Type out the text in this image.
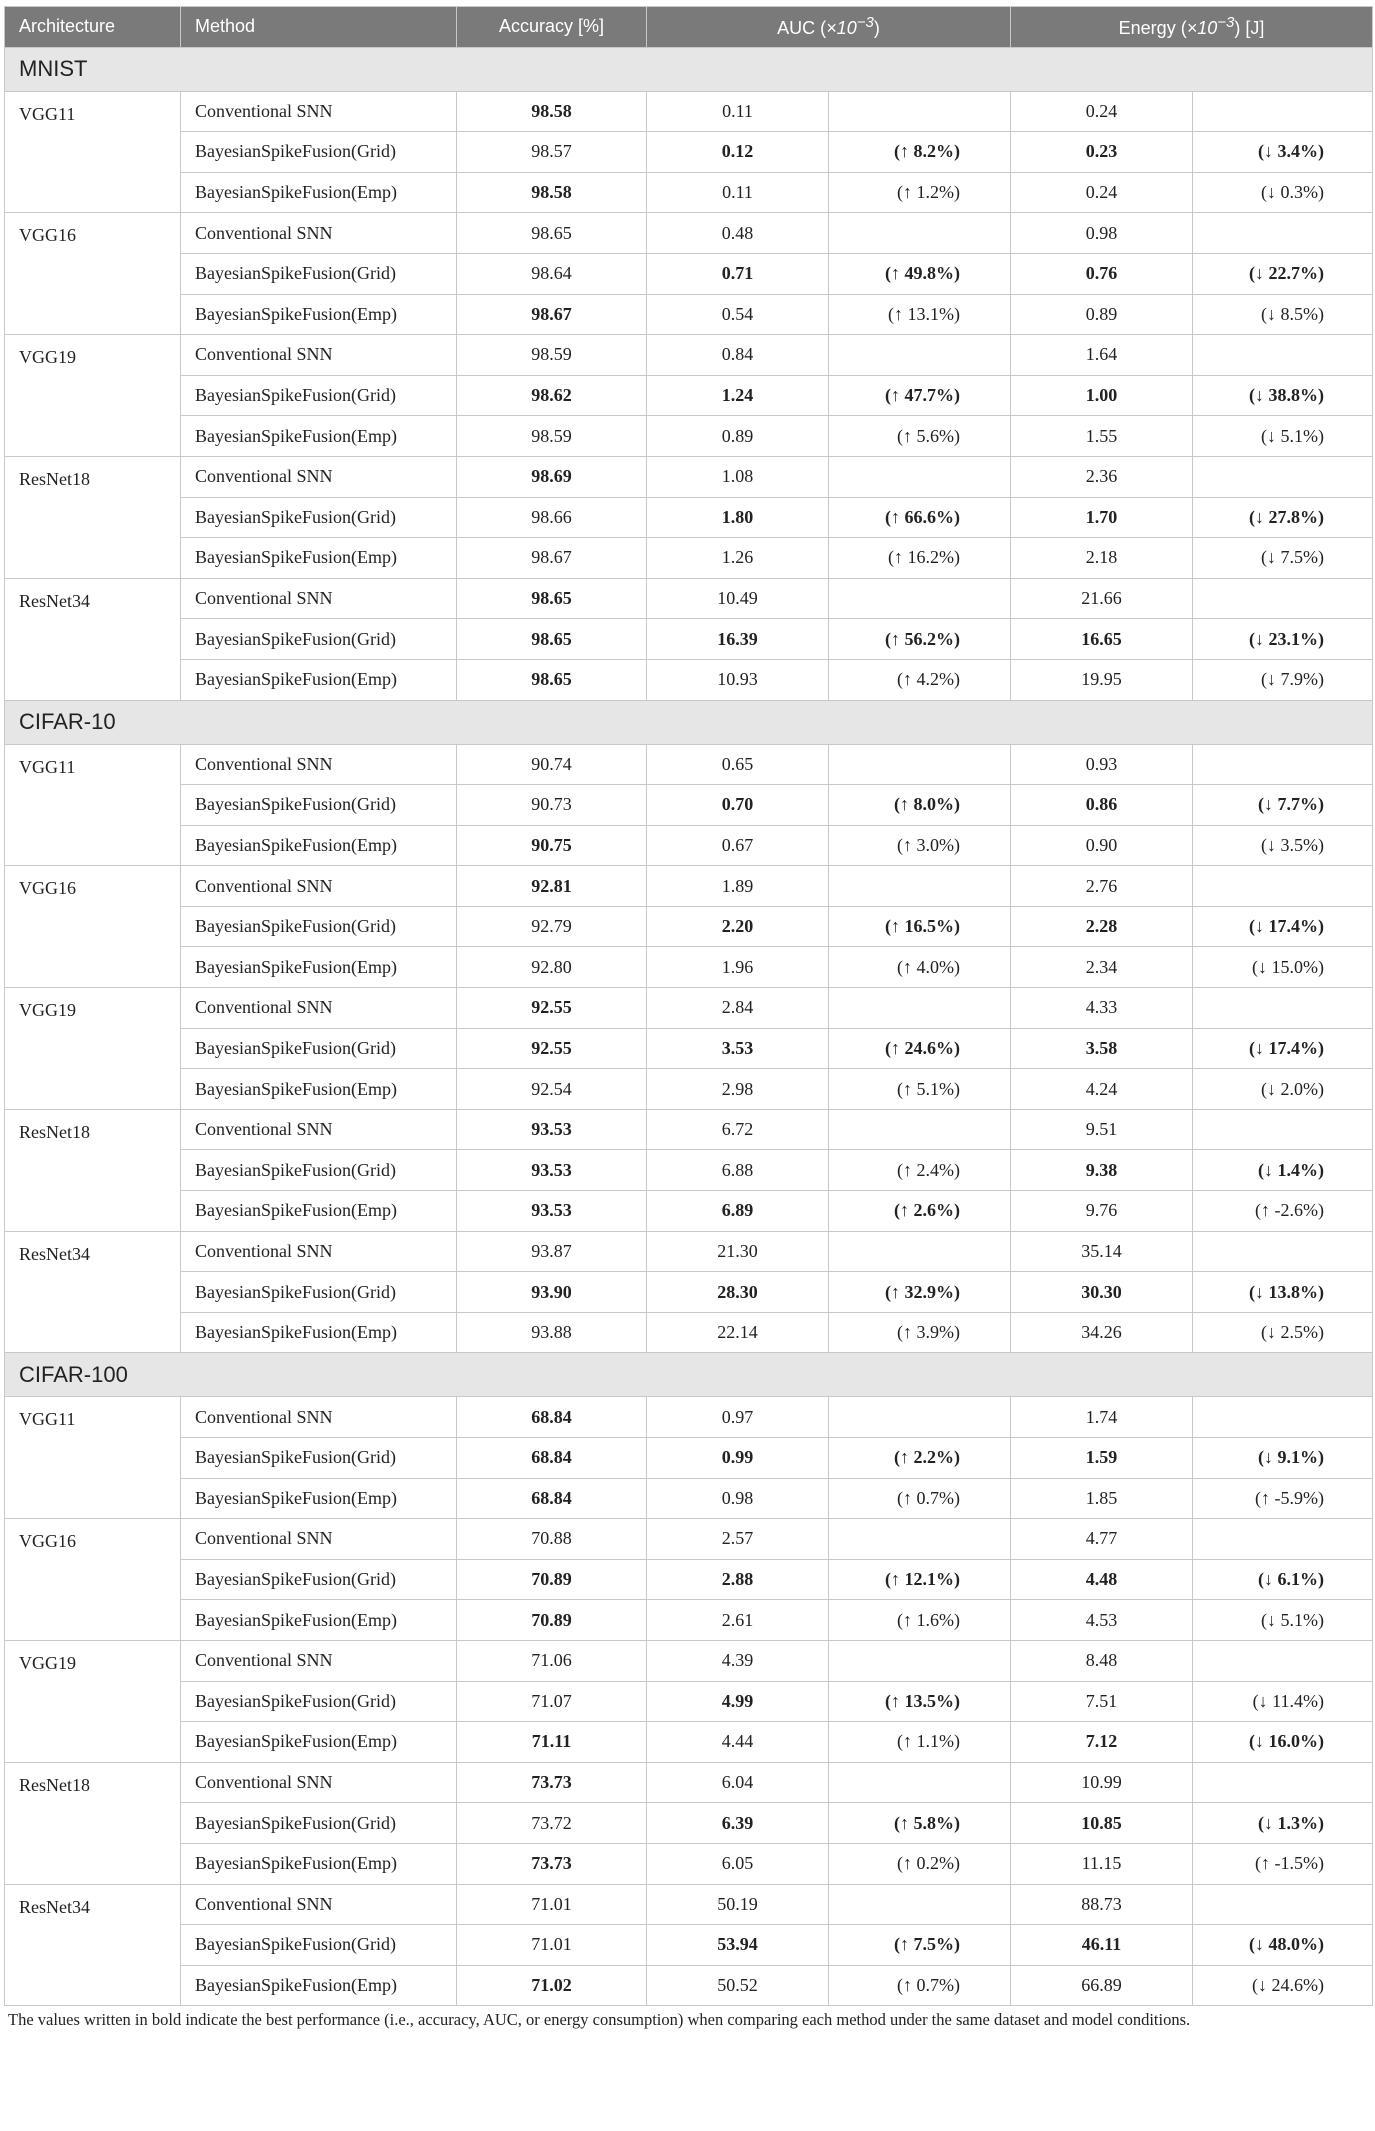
Architecture	Method	Accuracy [%]	AUC $(\times 10^{-3})$		Energy $(\times 10^{-3})$ [J]	
MNIST						
VGG11	Conventional SNN	98.58	0.11		0.24	
	BayesianSpikeFusion(Grid)	98.57	0.12	(↑ 8.2%)	0.23	(↓ 3.4%)
	BayesianSpikeFusion(Emp)	98.58	0.11	(↑ 1.2%)	0.24	(↓ 0.3%)
VGG16	Conventional SNN	98.65	0.48		0.98	
	BayesianSpikeFusion(Grid)	98.64	0.71	(↑ 49.8%)	0.76	(↓ 22.7%)
	BayesianSpikeFusion(Emp)	98.67	0.54	(↑ 13.1%)	0.89	(↓ 8.5%)
VGG19	Conventional SNN	98.59	0.84		1.64	
	BayesianSpikeFusion(Grid)	98.62	1.24	(↑ 47.7%)	1.00	(↓ 38.8%)
	BayesianSpikeFusion(Emp)	98.59	0.89	(↑ 5.6%)	1.55	(↓ 5.1%)
ResNet18	Conventional SNN	98.69	1.08		2.36	
	BayesianSpikeFusion(Grid)	98.66	1.80	(↑ 66.6%)	1.70	(↓ 27.8%)
	BayesianSpikeFusion(Emp)	98.67	1.26	(↑ 16.2%)	2.18	(↓ 7.5%)
ResNet34	Conventional SNN	98.65	10.49		21.66	
	BayesianSpikeFusion(Grid)	98.65	16.39	(↑ 56.2%)	16.65	(↓ 23.1%)
	BayesianSpikeFusion(Emp)	98.65	10.93	(↑ 4.2%)	19.95	(↓ 7.9%)
CIFAR-10						
VGG11	Conventional SNN	90.74	0.65		0.93	
	BayesianSpikeFusion(Grid)	90.73	0.70	(↑ 8.0%)	0.86	(↓ 7.7%)
	BayesianSpikeFusion(Emp)	90.75	0.67	(↑ 3.0%)	0.90	(↓ 3.5%)
VGG16	Conventional SNN	92.81	1.89		2.76	
	BayesianSpikeFusion(Grid)	92.79	2.20	(↑ 16.5%)	2.28	(↓ 17.4%)
	BayesianSpikeFusion(Emp)	92.80	1.96	(↑ 4.0%)	2.34	(↓ 15.0%)
VGG19	Conventional SNN	92.55	2.84		4.33	
	BayesianSpikeFusion(Grid)	92.55	3.53	(↑ 24.6%)	3.58	(↓ 17.4%)
	BayesianSpikeFusion(Emp)	92.54	2.98	(↑ 5.1%)	4.24	(↓ 2.0%)
ResNet18	Conventional SNN	93.53	6.72		9.51	
	BayesianSpikeFusion(Grid)	93.53	6.88	(↑ 2.4%)	9.38	(↓ 1.4%)
	BayesianSpikeFusion(Emp)	93.53	6.89	(↑ 2.6%)	9.76	(↑ -2.6%)
ResNet34	Conventional SNN	93.87	21.30		35.14	
	BayesianSpikeFusion(Grid)	93.90	28.30	(↑ 32.9%)	30.30	(↓ 13.8%)
	BayesianSpikeFusion(Emp)	93.88	22.14	(↑ 3.9%)	34.26	(↓ 2.5%)
CIFAR-100						
VGG11	Conventional SNN	68.84	0.97		1.74	
	BayesianSpikeFusion(Grid)	68.84	0.99	(↑ 2.2%)	1.59	(↓ 9.1%)
	BayesianSpikeFusion(Emp)	68.84	0.98	(↑ 0.7%)	1.85	(↑ -5.9%)
VGG16	Conventional SNN	70.88	2.57		4.77	
	BayesianSpikeFusion(Grid)	70.89	2.88	(↑ 12.1%)	4.48	(↓ 6.1%)
	BayesianSpikeFusion(Emp)	70.89	2.61	(↑ 1.6%)	4.53	(↓ 5.1%)
VGG19	Conventional SNN	71.06	4.39		8.48	
	BayesianSpikeFusion(Grid)	71.07	4.99	(↑ 13.5%)	7.51	(↓ 11.4%)
	BayesianSpikeFusion(Emp)	71.11	4.44	(↑ 1.1%)	7.12	(↓ 16.0%)
ResNet18	Conventional SNN	73.73	6.04		10.99	
	BayesianSpikeFusion(Grid)	73.72	6.39	(↑ 5.8%)	10.85	(↓ 1.3%)
	BayesianSpikeFusion(Emp)	73.73	6.05	(↑ 0.2%)	11.15	(↑ -1.5%)
ResNet34	Conventional SNN	71.01	50.19		88.73	
	BayesianSpikeFusion(Grid)	71.01	53.94	(↑ 7.5%)	46.11	(↓ 48.0%)
	BayesianSpikeFusion(Emp)	71.02	50.52	(↑ 0.7%)	66.89	(↓ 24.6%)
The values written in bold indicate the best performance (i.e., accuracy, AUC, or energy consumption) when comparing each method under the same dataset and model conditions.
